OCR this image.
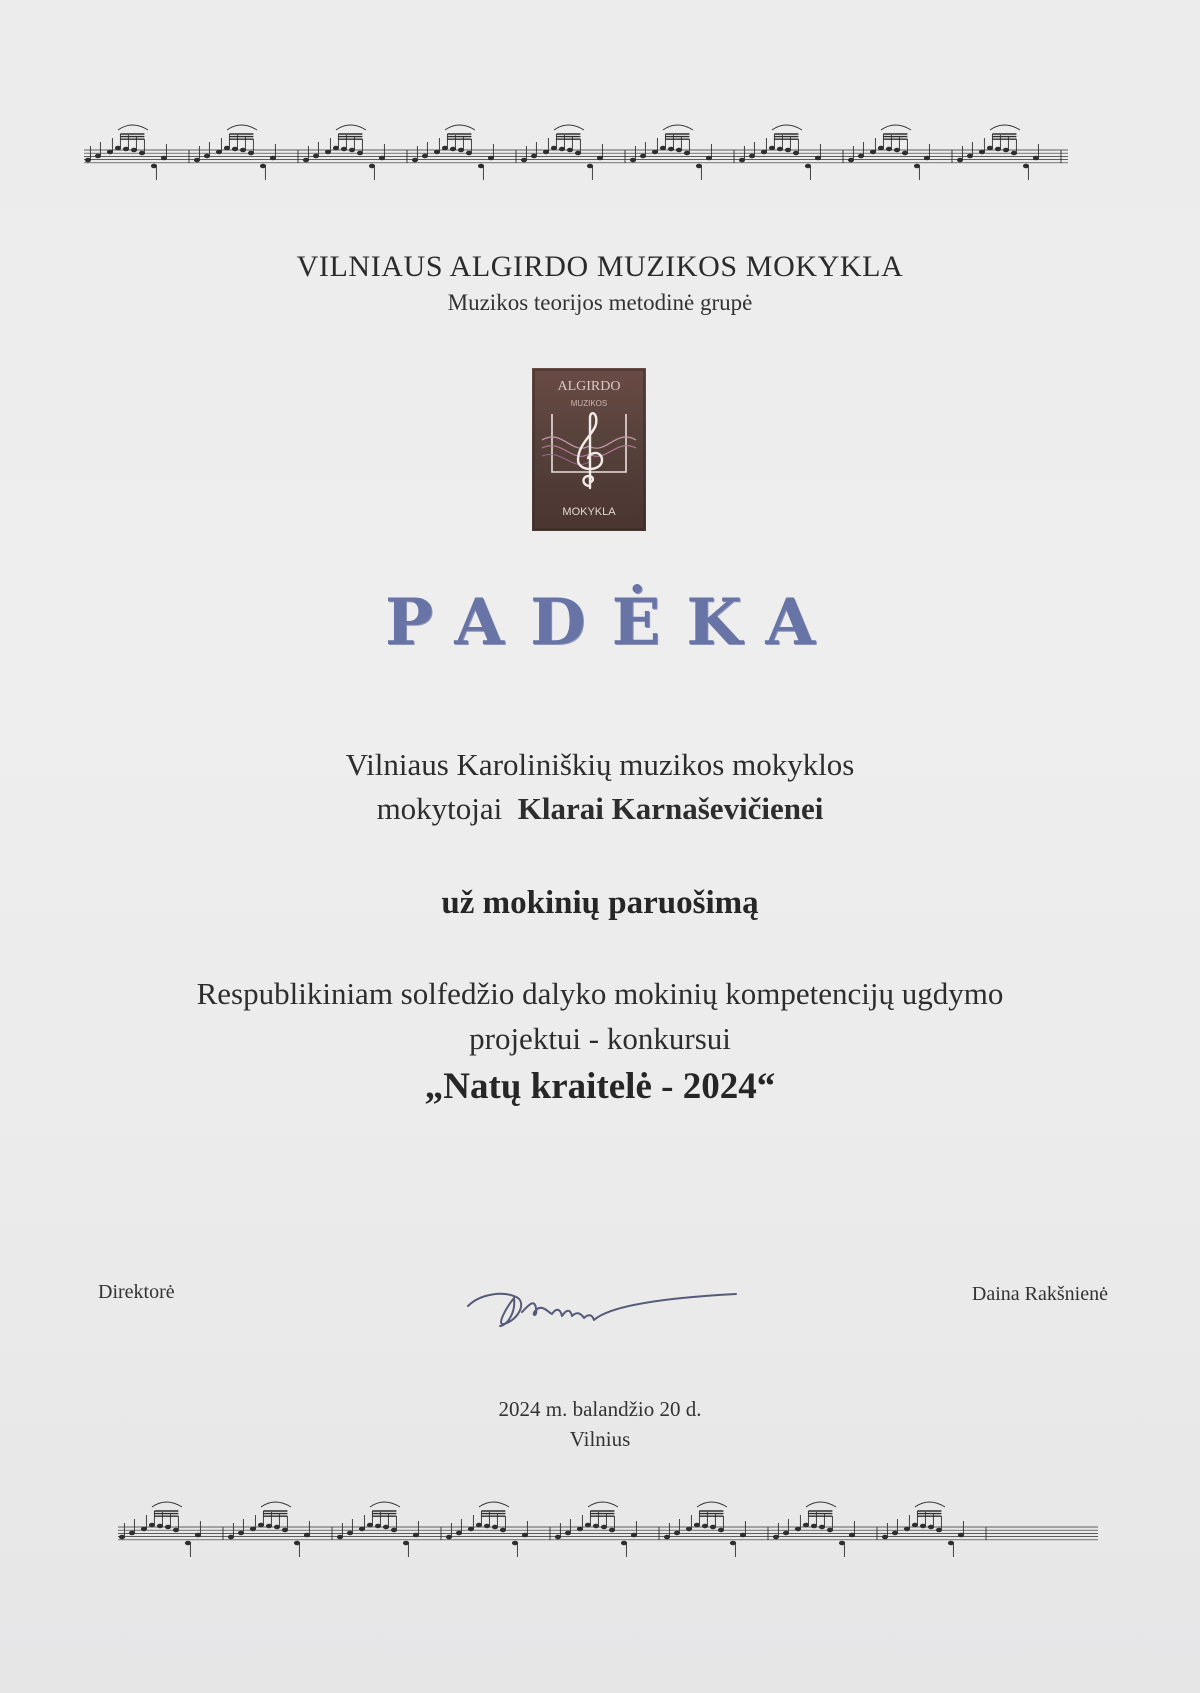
VILNIAUS ALGIRDO MUZIKOS MOKYKLA
Muzikos teorijos metodinė grupė
ALGIRDO
MUZIKOS
MOKYKLA
PADĖKA
Vilniaus Karoliniškių muzikos mokyklos
mokytojai Klarai Karnaševičienei
už mokinių paruošimą
Respublikiniam solfedžio dalyko mokinių kompetencijų ugdymo
projektui - konkursui
„Natų kraitelė - 2024“
Direktorė	Daina Rakšnienė
2024 m. balandžio 20 d.
Vilnius
